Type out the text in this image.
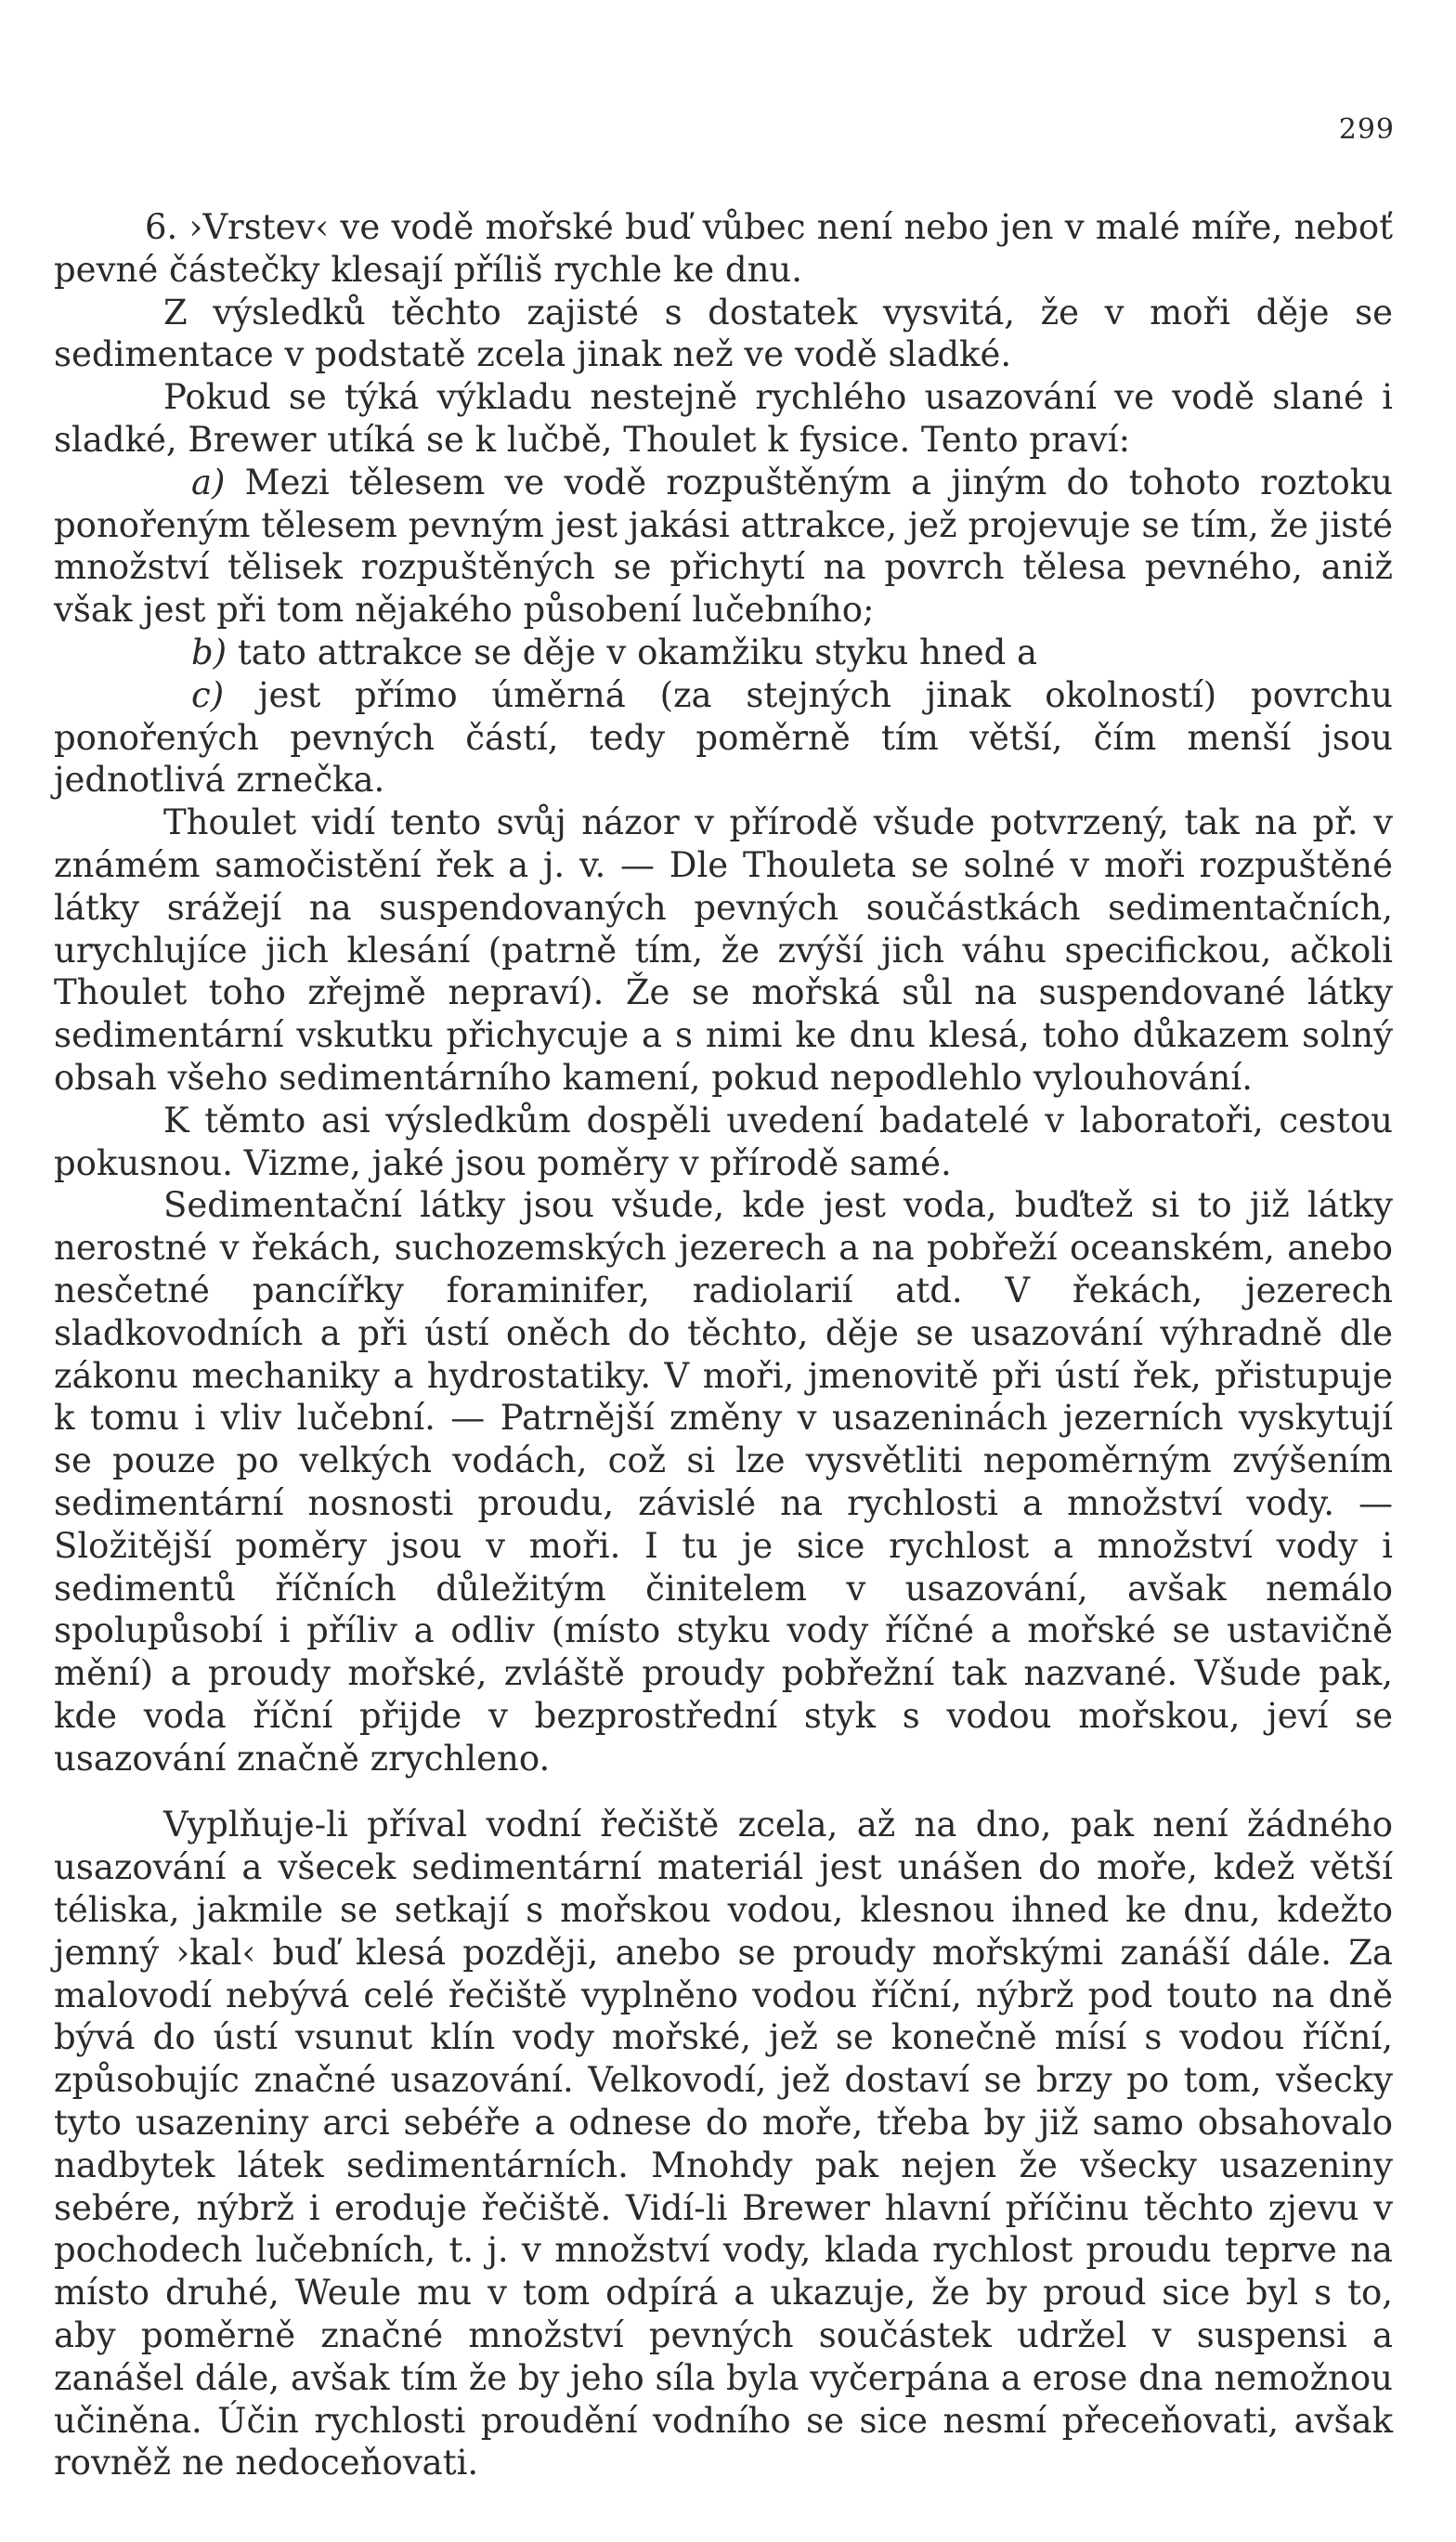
299

6. ›Vrstev‹ ve vodě mořské buď vůbec není nebo jen v malé míře, neboť pevné částečky klesají příliš rychle ke dnu.

Z výsledků těchto zajisté s dostatek vysvitá, že v moři děje se sedimentace v podstatě zcela jinak než ve vodě sladké.

Pokud se týká výkladu nestejně rychlého usazování ve vodě slané i sladké, Brewer utíká se k lučbě, Thoulet k fysice. Tento praví:

a) Mezi tělesem ve vodě rozpuštěným a jiným do tohoto roztoku ponořeným tělesem pevným jest jakási attrakce, jež projevuje se tím, že jisté množství tělisek rozpuštěných se přichytí na povrch tělesa pevného, aniž však jest při tom nějakého působení lučebního;

b) tato attrakce se děje v okamžiku styku hned a

c) jest přímo úměrná (za stejných jinak okolností) povrchu ponořených pevných částí, tedy poměrně tím větší, čím menší jsou jednotlivá zrnečka.

Thoulet vidí tento svůj názor v přírodě všude potvrzený, tak na př. v známém samočistění řek a j. v. — Dle Thouleta se solné v moři rozpuštěné látky srážejí na suspendovaných pevných součástkách sedimentačních, urychlujíce jich klesání (patrně tím, že zvýší jich váhu specifickou, ačkoli Thoulet toho zřejmě nepraví). Že se mořská sůl na suspendované látky sedimentární vskutku přichycuje a s nimi ke dnu klesá, toho důkazem solný obsah všeho sedimentárního kamení, pokud nepodlehlo vylouhování.

K těmto asi výsledkům dospěli uvedení badatelé v laboratoři, cestou pokusnou. Vizme, jaké jsou poměry v přírodě samé.

Sedimentační látky jsou všude, kde jest voda, buďtež si to již látky nerostné v řekách, suchozemských jezerech a na pobřeží oceanském, anebo nesčetné pancířky foraminifer, radiolarií atd. V řekách, jezerech sladkovodních a při ústí oněch do těchto, děje se usazování výhradně dle zákonu mechaniky a hydrostatiky. V moři, jmenovitě při ústí řek, přistupuje k tomu i vliv lučební. — Patrnější změny v usazeninách jezerních vyskytují se pouze po velkých vodách, což si lze vysvětliti nepoměrným zvýšením sedimentární nosnosti proudu, závislé na rychlosti a množství vody. — Složitější poměry jsou v moři. I tu je sice rychlost a množství vody i sedimentů říčních důležitým činitelem v usazování, avšak nemálo spolupůsobí i příliv a odliv (místo styku vody říčné a mořské se ustavičně mění) a proudy mořské, zvláště proudy pobřežní tak nazvané. Všude pak, kde voda říční přijde v bezprostřední styk s vodou mořskou, jeví se usazování značně zrychleno.

Vyplňuje-li příval vodní řečiště zcela, až na dno, pak není žádného usazování a všecek sedimentární materiál jest unášen do moře, kdež větší téliska, jakmile se setkají s mořskou vodou, klesnou ihned ke dnu, kdežto jemný ›kal‹ buď klesá později, anebo se proudy mořskými zanáší dále. Za malovodí nebývá celé řečiště vyplněno vodou říční, nýbrž pod touto na dně bývá do ústí vsunut klín vody mořské, jež se konečně mísí s vodou říční, způsobujíc značné usazování. Velkovodí, jež dostaví se brzy po tom, všecky tyto usazeniny arci sebéře a odnese do moře, třeba by již samo obsahovalo nadbytek látek sedimentárních. Mnohdy pak nejen že všecky usazeniny sebére, nýbrž i eroduje řečiště. Vidí-li Brewer hlavní příčinu těchto zjevu v pochodech lučebních, t. j. v množství vody, klada rychlost proudu teprve na místo druhé, Weule mu v tom odpírá a ukazuje, že by proud sice byl s to, aby poměrně značné množství pevných součástek udržel v suspensi a zanášel dále, avšak tím že by jeho síla byla vyčerpána a erose dna nemožnou učiněna. Účin rychlosti proudění vodního se sice nesmí přeceňovati, avšak rovněž ne nedoceňovati.
